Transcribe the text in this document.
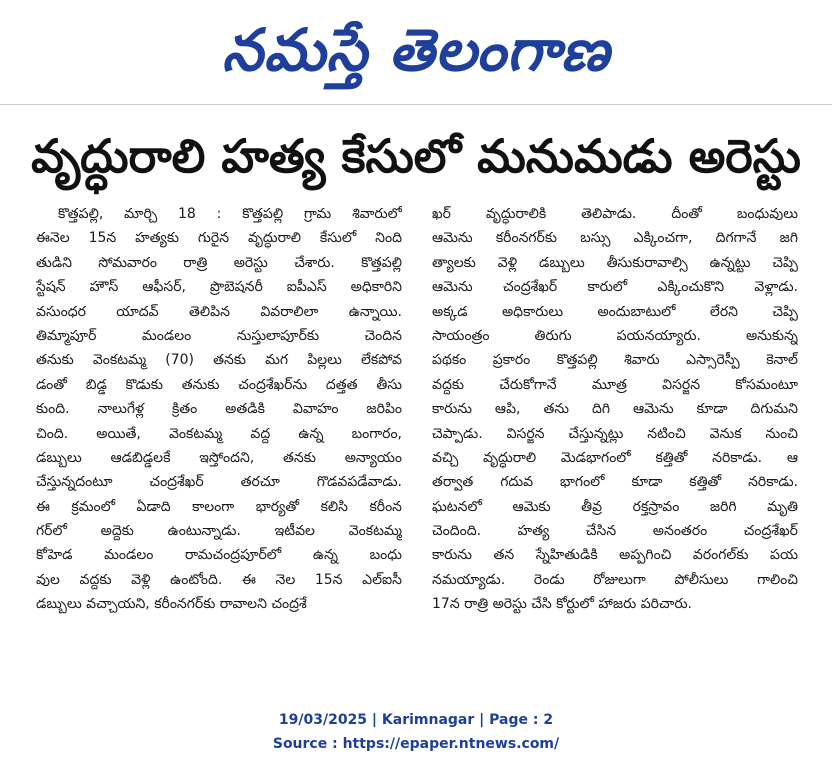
నమస్తే తెలంగాణ
వృద్ధురాలి హత్య కేసులో మనుమడు అరెస్టు
కొత్తపల్లి, మార్చి 18 : కొత్తపల్లి గ్రామ శివారులో
ఈనెల 15న హత్యకు గురైన వృద్ధురాలి కేసులో నింది
తుడిని సోమవారం రాత్రి అరెస్టు చేశారు. కొత్తపల్లి
స్టేషన్ హౌస్ ఆఫీసర్, ప్రొబెషనరీ ఐపీఎస్ అధికారిని
వసుంధర యాదవ్ తెలిపిన వివరాలిలా ఉన్నాయి.
తిమ్మాపూర్ మండలం నుస్తులాపూర్‌కు చెందిన
తనుకు వెంకటమ్మ (70) తనకు మగ పిల్లలు లేకపోవ
డంతో బిడ్డ కొడుకు తనుకు చంద్రశేఖర్‌ను దత్తత తీసు
కుంది. నాలుగేళ్ల క్రితం అతడికి వివాహం జరిపిం
చింది. అయితే, వెంకటమ్మ వద్ద ఉన్న బంగారం,
డబ్బులు ఆడబిడ్డలకే ఇస్తోందని, తనకు అన్యాయం
చేస్తున్నదంటూ చంద్రశేఖర్ తరచూ గొడవపడేవాడు.
ఈ క్రమంలో ఏడాది కాలంగా భార్యతో కలిసి కరీంన
గర్‌లో అద్దెకు ఉంటున్నాడు. ఇటీవల వెంకటమ్మ
కోహెడ మండలం రామచంద్రపూర్‌లో ఉన్న బంధు
వుల వద్దకు వెళ్లి ఉంటోంది. ఈ నెల 15న ఎల్ఐసీ
డబ్బులు వచ్చాయని, కరీంనగర్‌కు రావాలని చంద్రశే
ఖర్ వృద్ధురాలికి తెలిపాడు. దీంతో బంధువులు
ఆమెను కరీంనగర్‌కు బస్సు ఎక్కించగా, దిగగానే జగి
త్యాలకు వెళ్లి డబ్బులు తీసుకురావాల్సి ఉన్నట్టు చెప్పి
ఆమెను చంద్రశేఖర్ కారులో ఎక్కించుకొని వెళ్లాడు.
అక్కడ అధికారులు అందుబాటులో లేరని చెప్పి
సాయంత్రం తిరుగు పయనయ్యారు. అనుకున్న
పథకం ప్రకారం కొత్తపల్లి శివారు ఎస్సారెస్పీ కెనాల్
వద్దకు చేరుకోగానే మూత్ర విసర్జన కోసమంటూ
కారును ఆపి, తను దిగి ఆమెను కూడా దిగుమని
చెప్పాడు. విసర్జన చేస్తున్నట్లు నటించి వెనుక నుంచి
వచ్చి వృద్ధురాలి మెడభాగంలో కత్తితో నరికాడు. ఆ
తర్వాత గదువ భాగంలో కూడా కత్తితో నరికాడు.
ఘటనలో ఆమెకు తీవ్ర రక్తస్రావం జరిగి మృతి
చెందింది. హత్య చేసిన అనంతరం చంద్రశేఖర్
కారును తన స్నేహితుడికి అప్పగించి వరంగల్‌కు పయ
నమయ్యాడు. రెండు రోజులుగా పోలీసులు గాలించి
17న రాత్రి అరెస్టు చేసి కోర్టులో హాజరు పరిచారు.
19/03/2025 | Karimnagar | Page : 2
Source : https://epaper.ntnews.com/
